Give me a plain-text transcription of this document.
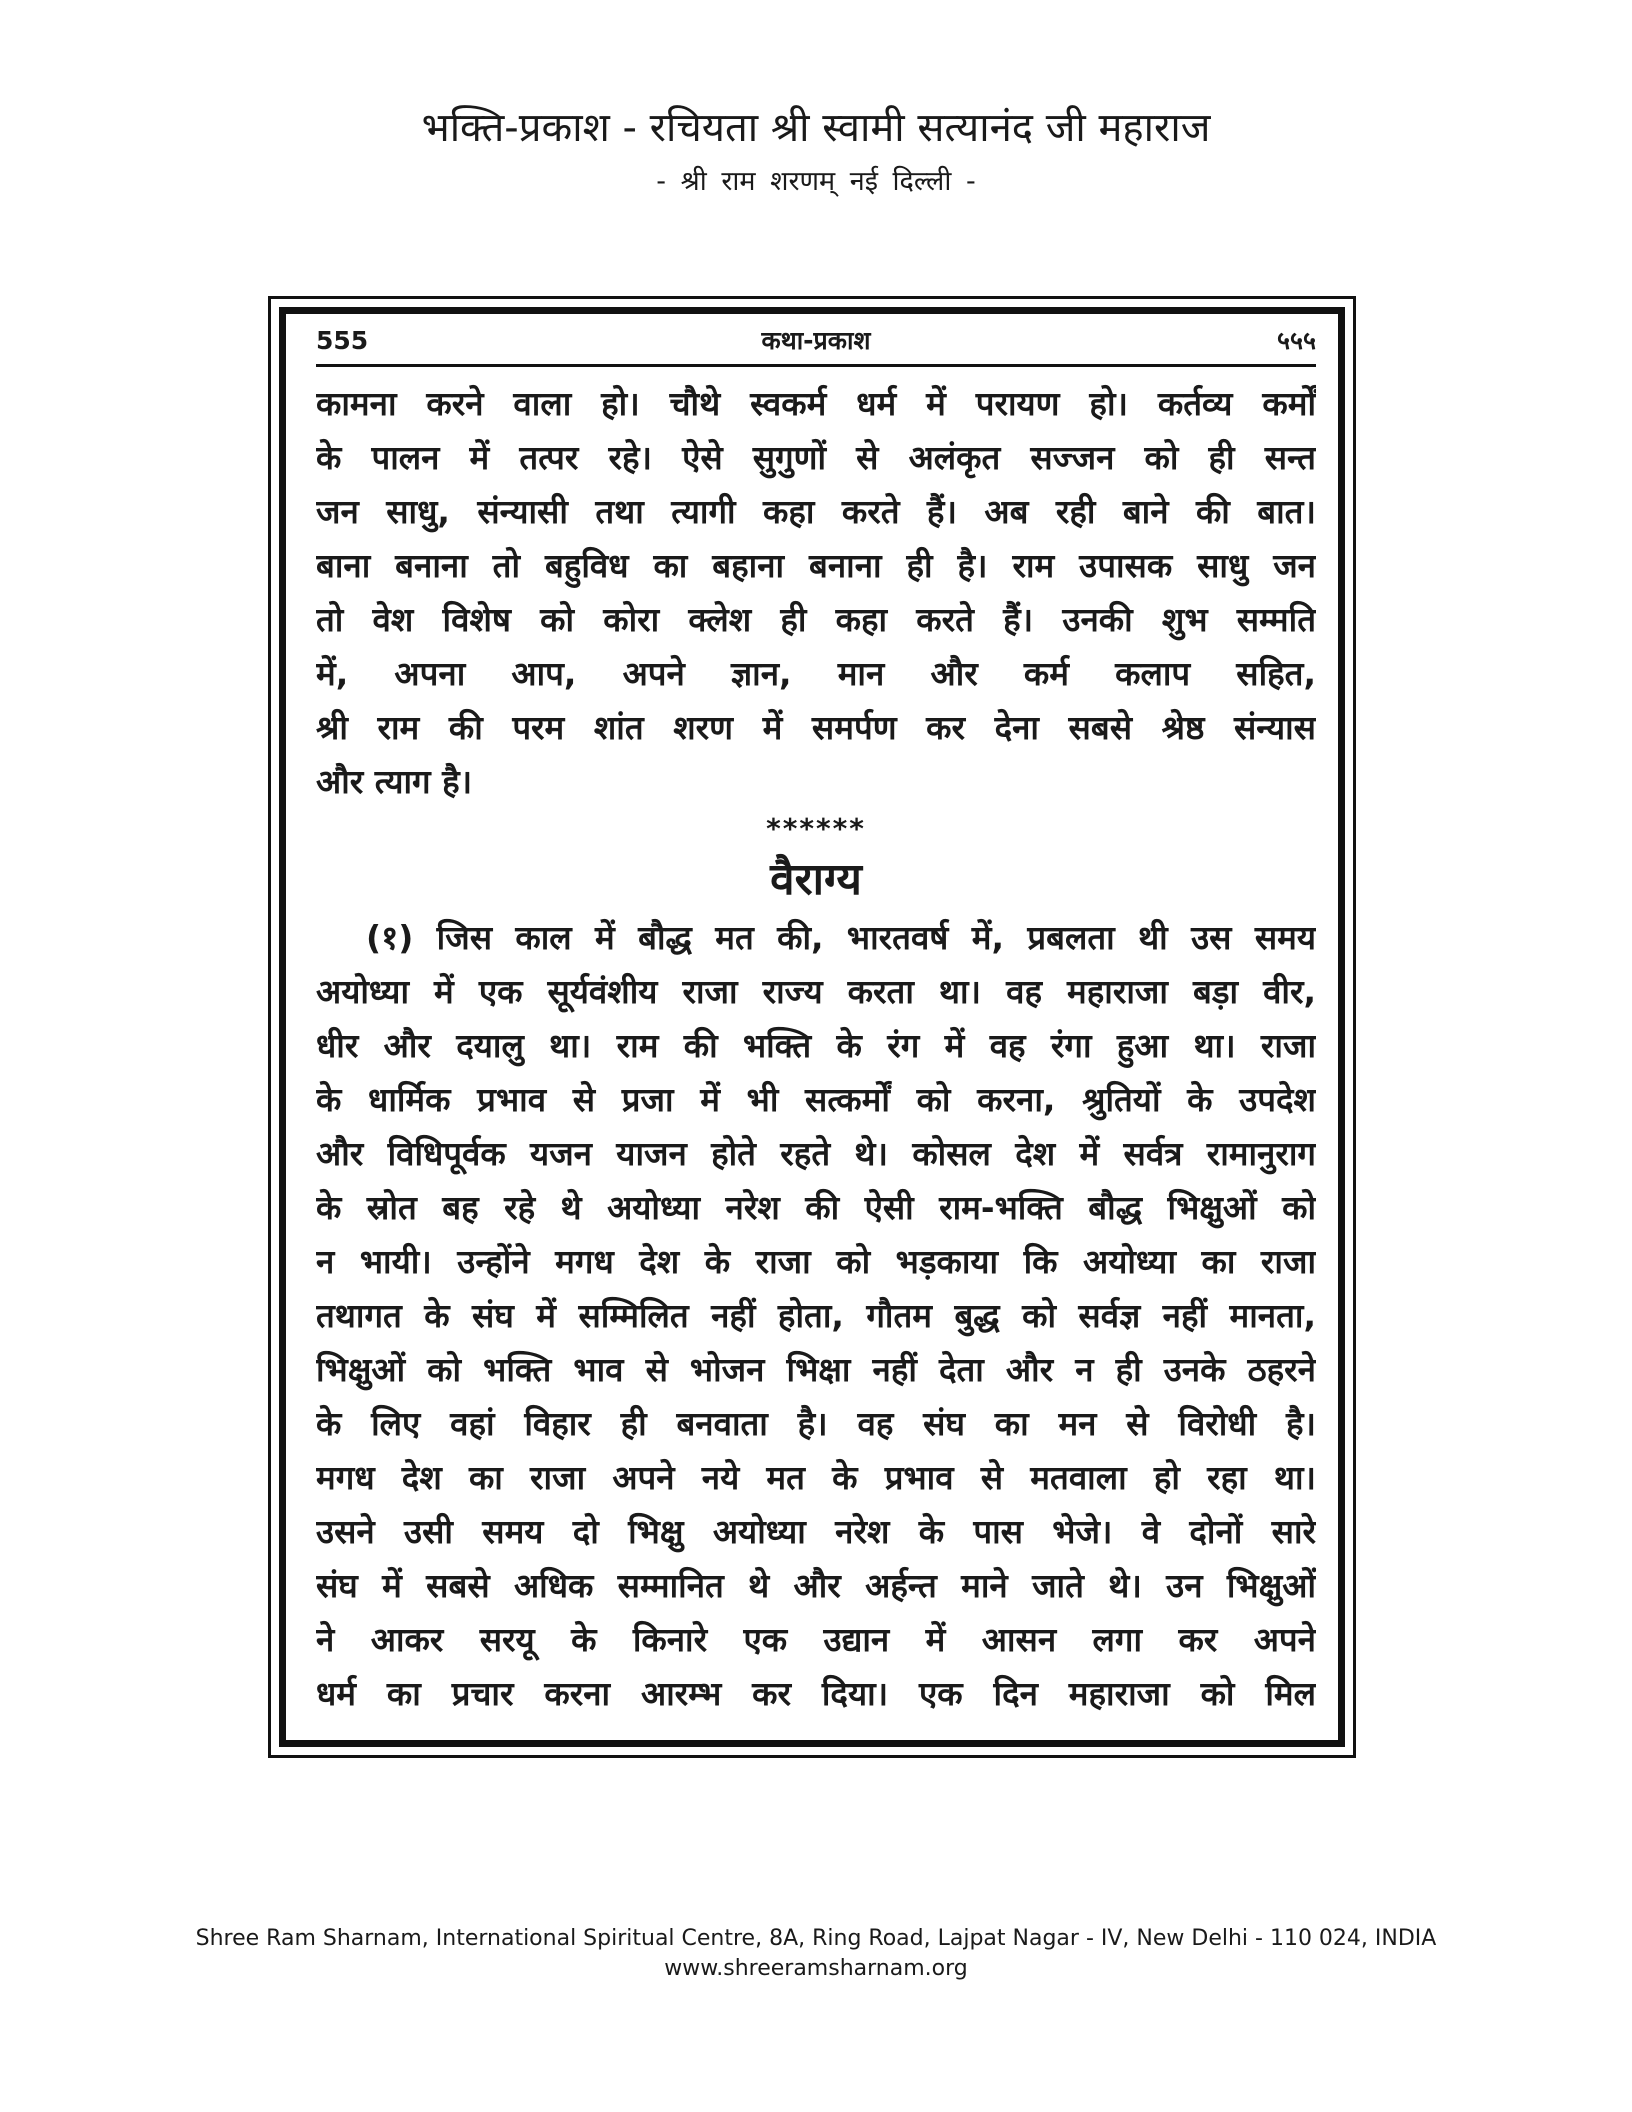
भक्ति-प्रकाश - रचियता श्री स्वामी सत्यानंद जी महाराज
- श्री राम शरणम् नई दिल्ली -
कथा-प्रकाश
555	५५५
कामना करने वाला हो। चौथे स्वकर्म धर्म में परायण हो। कर्तव्य कर्मों
के पालन में तत्पर रहे। ऐसे सुगुणों से अलंकृत सज्जन को ही सन्त
जन साधु, संन्यासी तथा त्यागी कहा करते हैं। अब रही बाने की बात।
बाना बनाना तो बहुविध का बहाना बनाना ही है। राम उपासक साधु जन
तो वेश विशेष को कोरा क्लेश ही कहा करते हैं। उनकी शुभ सम्मति
में, अपना आप, अपने ज्ञान, मान और कर्म कलाप सहित,
श्री राम की परम शांत शरण में समर्पण कर देना सबसे श्रेष्ठ संन्यास
और त्याग है।
******
वैराग्य
(१) जिस काल में बौद्ध मत की, भारतवर्ष में, प्रबलता थी उस समय
अयोध्या में एक सूर्यवंशीय राजा राज्य करता था। वह महाराजा बड़ा वीर,
धीर और दयालु था। राम की भक्ति के रंग में वह रंगा हुआ था। राजा
के धार्मिक प्रभाव से प्रजा में भी सत्कर्मों को करना, श्रुतियों के उपदेश
और विधिपूर्वक यजन याजन होते रहते थे। कोसल देश में सर्वत्र रामानुराग
के स्रोत बह रहे थे अयोध्या नरेश की ऐसी राम-भक्ति बौद्ध भिक्षुओं को
न भायी। उन्होंने मगध देश के राजा को भड़काया कि अयोध्या का राजा
तथागत के संघ में सम्मिलित नहीं होता, गौतम बुद्ध को सर्वज्ञ नहीं मानता,
भिक्षुओं को भक्ति भाव से भोजन भिक्षा नहीं देता और न ही उनके ठहरने
के लिए वहां विहार ही बनवाता है। वह संघ का मन से विरोधी है।
मगध देश का राजा अपने नये मत के प्रभाव से मतवाला हो रहा था।
उसने उसी समय दो भिक्षु अयोध्या नरेश के पास भेजे। वे दोनों सारे
संघ में सबसे अधिक सम्मानित थे और अर्हन्त माने जाते थे। उन भिक्षुओं
ने आकर सरयू के किनारे एक उद्यान में आसन लगा कर अपने
धर्म का प्रचार करना आरम्भ कर दिया। एक दिन महाराजा को मिल
Shree Ram Sharnam, International Spiritual Centre, 8A, Ring Road, Lajpat Nagar - IV, New Delhi - 110 024, INDIA
www.shreeramsharnam.org
